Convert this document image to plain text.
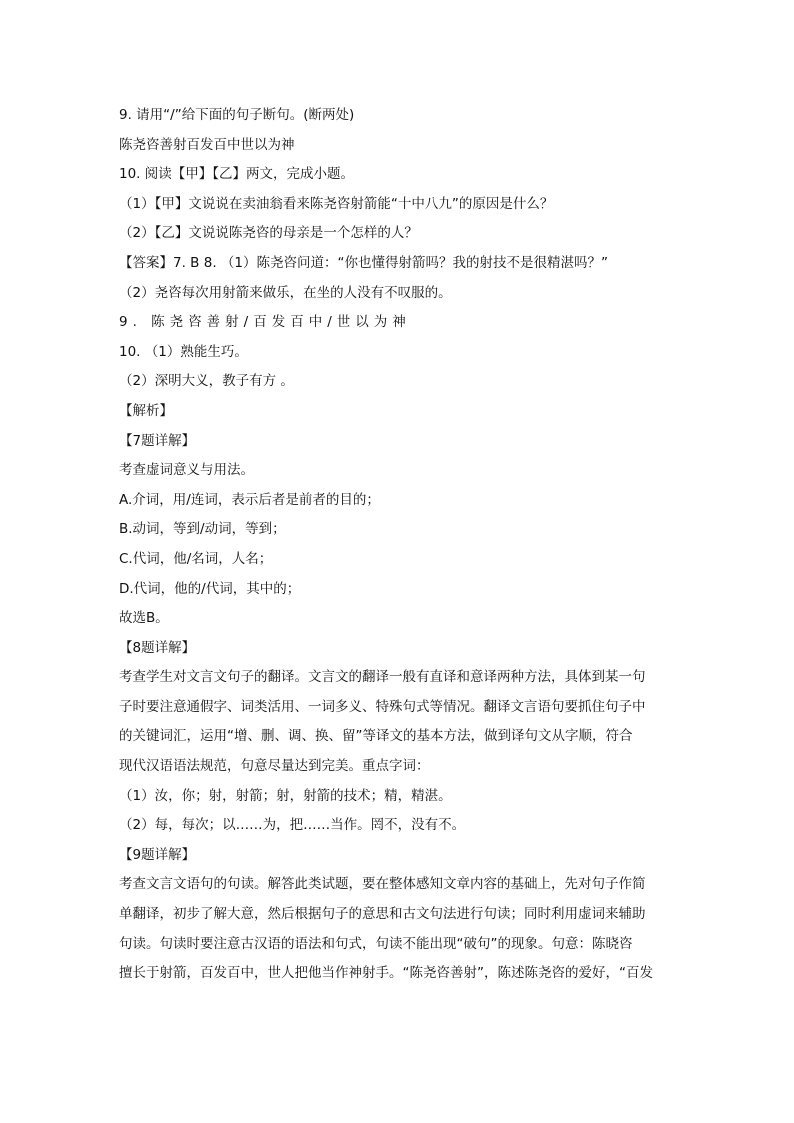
9. 请用“/”给下面的句子断句。(断两处)
陈尧咨善射百发百中世以为神
10. 阅读【甲】【乙】两文，完成小题。
（1）【甲】文说说在卖油翁看来陈尧咨射箭能“十中八九”的原因是什么？
（2）【乙】文说说陈尧咨的母亲是一个怎样的人？
【答案】7. B 8. （1）陈尧咨问道：“你也懂得射箭吗？我的射技不是很精湛吗？”
（2）尧咨每次用射箭来做乐，在坐的人没有不叹服的。
9. 陈尧咨善射/百发百中/世以为神
10. （1）熟能生巧。
（2）深明大义，教子有方 。
【解析】
【7题详解】
考查虚词意义与用法。
A.介词，用/连词，表示后者是前者的目的；
B.动词，等到/动词，等到；
C.代词，他/名词，人名；
D.代词，他的/代词，其中的；
故选B。
【8题详解】
考查学生对文言文句子的翻译。文言文的翻译一般有直译和意译两种方法，具体到某一句
子时要注意通假字、词类活用、一词多义、特殊句式等情况。翻译文言语句要抓住句子中
的关键词汇，运用“增、删、调、换、留”等译文的基本方法，做到译句文从字顺，符合
现代汉语语法规范，句意尽量达到完美。重点字词：
（1）汝，你；射，射箭；射，射箭的技术；精，精湛。
（2）每，每次；以……为，把……当作。罔不，没有不。
【9题详解】
考查文言文语句的句读。解答此类试题，要在整体感知文章内容的基础上，先对句子作简
单翻译，初步了解大意，然后根据句子的意思和古文句法进行句读；同时利用虚词来辅助
句读。句读时要注意古汉语的语法和句式，句读不能出现“破句”的现象。句意：陈晓咨
擅长于射箭，百发百中，世人把他当作神射手。“陈尧咨善射”，陈述陈尧咨的爱好，“百发
